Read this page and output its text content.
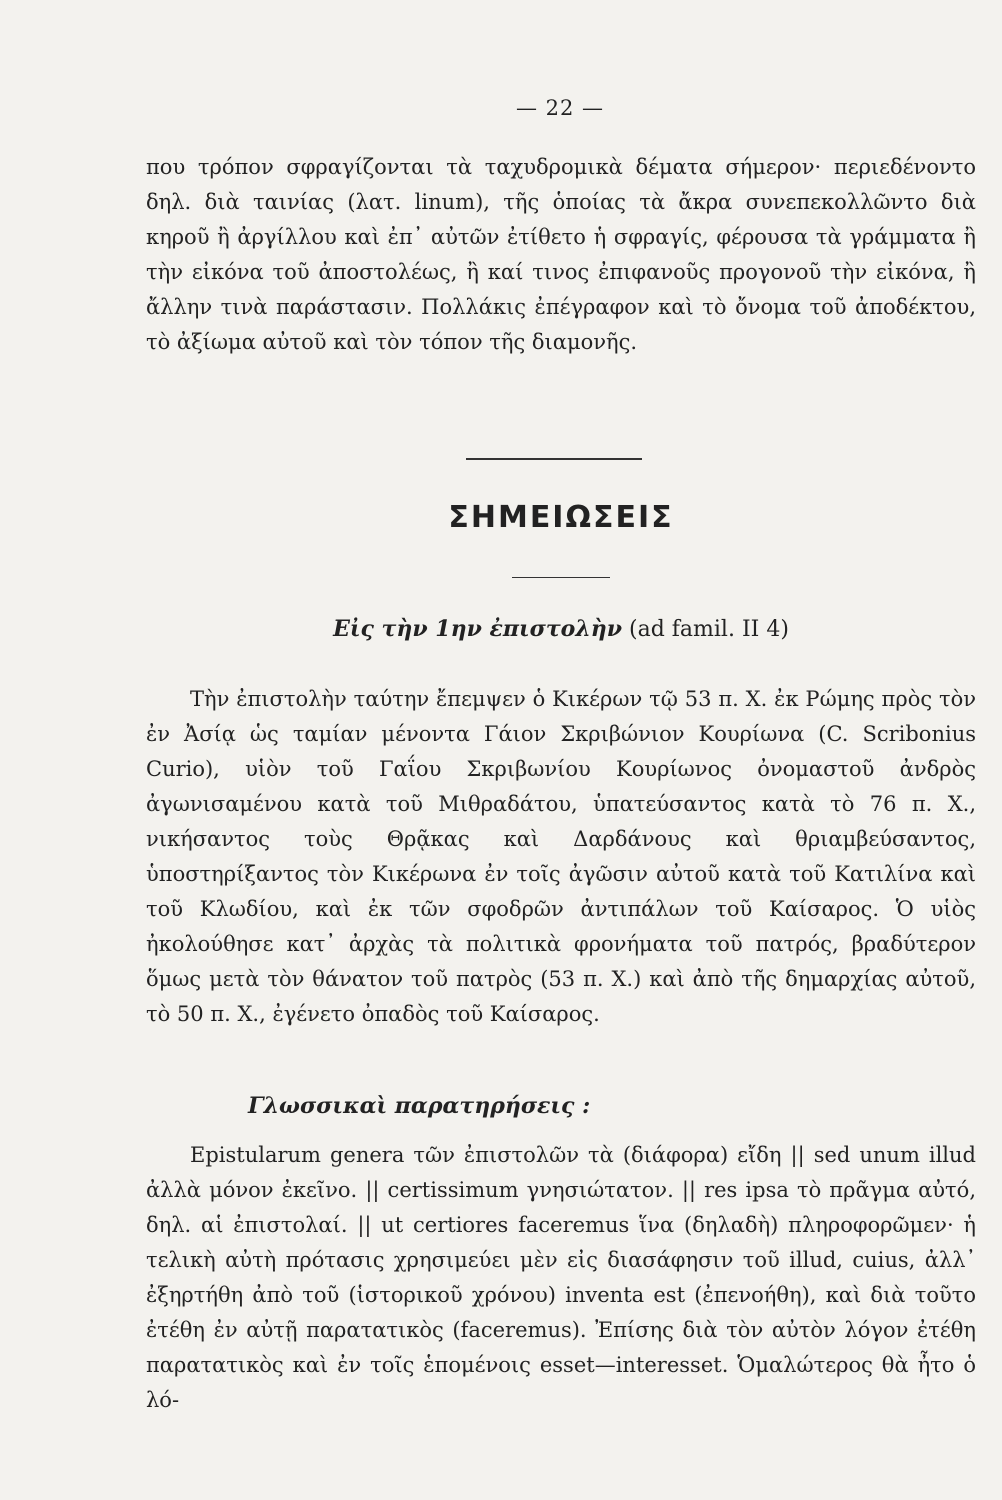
— 22 —
που τρόπον σφραγίζονται τὰ ταχυδρομικὰ δέματα σήμερον· περιεδένοντο δηλ. διὰ ταινίας (λατ. linum), τῆς ὁποίας τὰ ἄκρα συνεπεκολλῶντο διὰ κηροῦ ἢ ἀργίλλου καὶ ἐπ᾽ αὐτῶν ἐτίθετο ἡ σφραγίς, φέρουσα τὰ γράμματα ἢ τὴν εἰκόνα τοῦ ἀποστολέως, ἢ καί τινος ἐπιφανοῦς προγονοῦ τὴν εἰκόνα, ἢ ἄλλην τινὰ παράστασιν. Πολλάκις ἐπέγραφον καὶ τὸ ὄνομα τοῦ ἀποδέκτου, τὸ ἀξίωμα αὐτοῦ καὶ τὸν τόπον τῆς διαμονῆς.
ΣΗΜΕΙΩΣΕΙΣ
Εἰς τὴν 1ην ἐπιστολὴν (ad famil. II 4)
Τὴν ἐπιστολὴν ταύτην ἔπεμψεν ὁ Κικέρων τῷ 53 π. Χ. ἐκ Ρώμης πρὸς τὸν ἐν Ἀσίᾳ ὡς ταμίαν μένοντα Γάιον Σκριβώνιον Κουρίωνα (C. Scribonius Curio), υἱὸν τοῦ Γαΐου Σκριβωνίου Κουρίωνος ὀνομαστοῦ ἀνδρὸς ἀγωνισαμένου κατὰ τοῦ Μιθραδάτου, ὑπατεύσαντος κατὰ τὸ 76 π. Χ., νικήσαντος τοὺς Θρᾷκας καὶ Δαρδάνους καὶ θριαμβεύσαντος, ὑποστηρίξαντος τὸν Κικέρωνα ἐν τοῖς ἀγῶσιν αὐτοῦ κατὰ τοῦ Κατιλίνα καὶ τοῦ Κλωδίου, καὶ ἐκ τῶν σφοδρῶν ἀντιπάλων τοῦ Καίσαρος. Ὁ υἱὸς ἠκολούθησε κατ᾽ ἀρχὰς τὰ πολιτικὰ φρονήματα τοῦ πατρός, βραδύτερον ὅμως μετὰ τὸν θάνατον τοῦ πατρὸς (53 π. Χ.) καὶ ἀπὸ τῆς δημαρχίας αὐτοῦ, τὸ 50 π. Χ., ἐγένετο ὀπαδὸς τοῦ Καίσαρος.
Γλωσσικαὶ παρατηρήσεις :
Epistularum genera τῶν ἐπιστολῶν τὰ (διάφορα) εἴδη || sed unum illud ἀλλὰ μόνον ἐκεῖνο. || certissimum γνησιώτατον. || res ipsa τὸ πρᾶγμα αὐτό, δηλ. αἱ ἐπιστολαί. || ut certiores faceremus ἵνα (δηλαδὴ) πληροφορῶμεν· ἡ τελικὴ αὐτὴ πρότασις χρησιμεύει μὲν εἰς διασάφησιν τοῦ illud, cuius, ἀλλ᾽ ἐξηρτήθη ἀπὸ τοῦ (ἱστορικοῦ χρόνου) inventa est (ἐπενοήθη), καὶ διὰ τοῦτο ἐτέθη ἐν αὐτῇ παρατατικὸς (faceremus). Ἐπίσης διὰ τὸν αὐτὸν λόγον ἐτέθη παρατατικὸς καὶ ἐν τοῖς ἑπομένοις esset—interesset. Ὁμαλώτερος θὰ ἦτο ὁ λό-
